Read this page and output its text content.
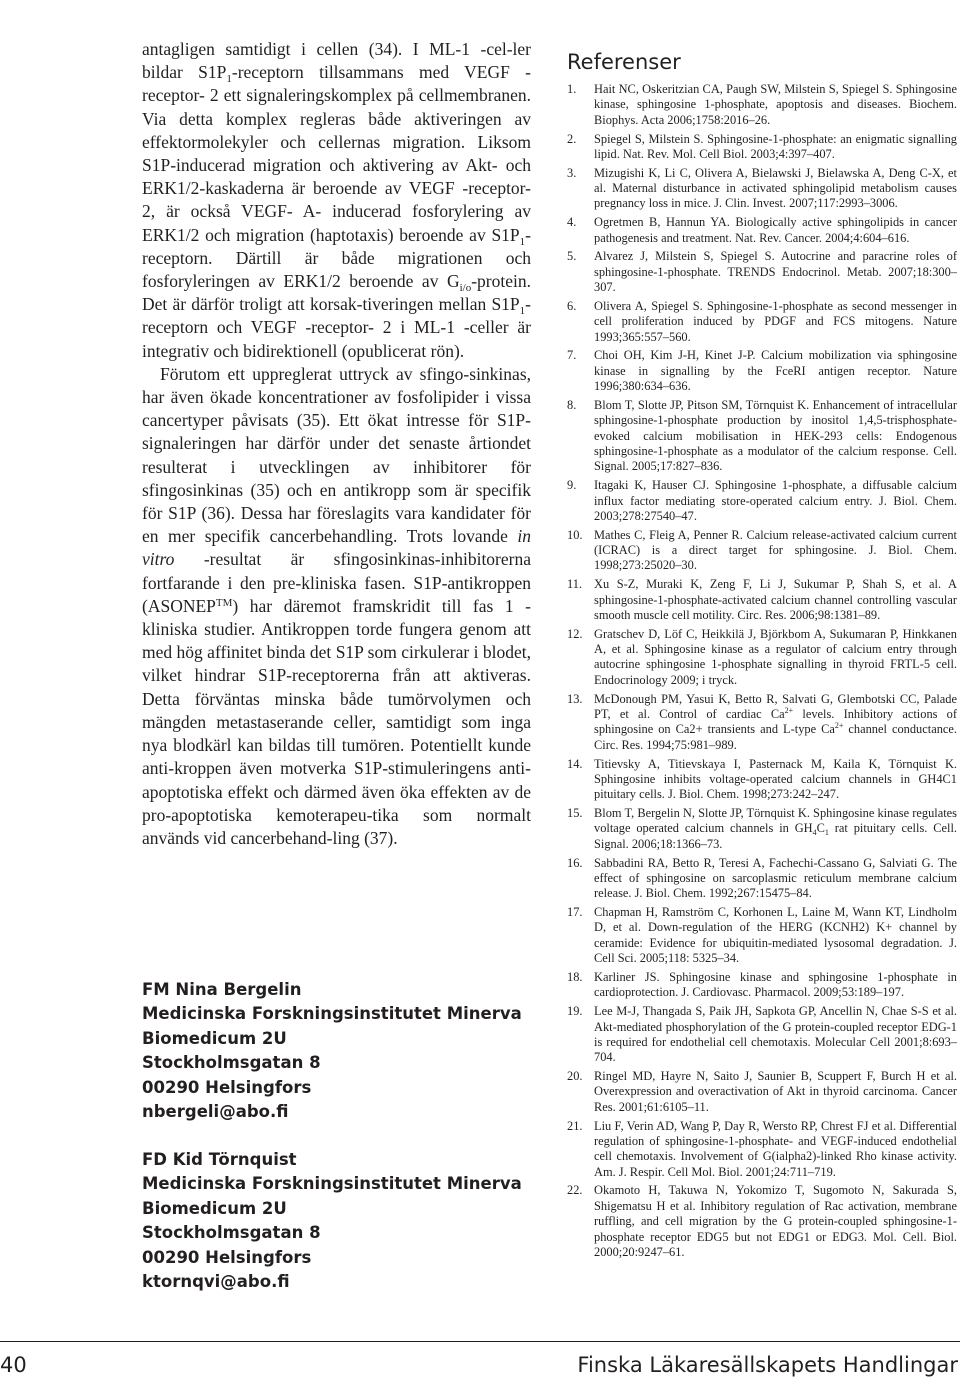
antagligen samtidigt i cellen (34). I ML-1 -cel-ler bildar $S1P_1$-receptorn tillsammans med VEGF -receptor- 2 ett signaleringskomplex på cellmembranen. Via detta komplex regleras både aktiveringen av effektormolekyler och cellernas migration. Liksom S1P-inducerad migration och aktivering av Akt- och ERK1/2-kaskaderna är beroende av VEGF -receptor- 2, är också VEGF- A- inducerad fosforylering av ERK1/2 och migration (haptotaxis) beroende av $S1P_1$-receptorn. Därtill är både migrationen och fosforyleringen av ERK1/2 beroende av $G_{i/o}$-protein. Det är därför troligt att korsak-tiveringen mellan $S1P_1$-receptorn och VEGF -receptor- 2 i ML-1 -celler är integrativ och bidirektionell (opublicerat rön).

Förutom ett uppreglerat uttryck av sfingo-sinkinas, har även ökade koncentrationer av fosfolipider i vissa cancertyper påvisats (35). Ett ökat intresse för S1P-signaleringen har därför under det senaste årtiondet resulterat i utvecklingen av inhibitorer för sfingosinkinas (35) och en antikropp som är specifik för S1P (36). Dessa har föreslagits vara kandidater för en mer specifik cancerbehandling. Trots lovande in vitro -resultat är sfingosinkinas-inhibitorerna fortfarande i den pre-kliniska fasen. S1P-antikroppen (ASONEP™) har däremot framskridit till fas 1 -kliniska studier. Antikroppen torde fungera genom att med hög affinitet binda det S1P som cirkulerar i blodet, vilket hindrar S1P-receptorerna från att aktiveras. Detta förväntas minska både tumörvolymen och mängden metastaserande celler, samtidigt som inga nya blodkärl kan bildas till tumören. Potentiellt kunde anti-kroppen även motverka S1P-stimuleringens anti-apoptotiska effekt och därmed även öka effekten av de pro-apoptotiska kemoterapeu-tika som normalt används vid cancerbehand-ling (37).

FM Nina Bergelin
Medicinska Forskningsinstitutet Minerva
Biomedicum 2U
Stockholmsgatan 8
00290 Helsingfors
nbergeli@abo.fi
FD Kid Törnquist
Medicinska Forskningsinstitutet Minerva
Biomedicum 2U
Stockholmsgatan 8
00290 Helsingfors
ktornqvi@abo.fi
Referenser
1. Hait NC, Oskeritzian CA, Paugh SW, Milstein S, Spiegel S. Sphingosine kinase, sphingosine 1-phosphate, apoptosis and diseases. Biochem. Biophys. Acta 2006;1758:2016–26.
2. Spiegel S, Milstein S. Sphingosine-1-phosphate: an enigmatic signalling lipid. Nat. Rev. Mol. Cell Biol. 2003;4:397–407.
3. Mizugishi K, Li C, Olivera A, Bielawski J, Bielawska A, Deng C-X, et al. Maternal disturbance in activated sphingolipid metabolism causes pregnancy loss in mice. J. Clin. Invest. 2007;117:2993–3006.
4. Ogretmen B, Hannun YA. Biologically active sphingolipids in cancer pathogenesis and treatment. Nat. Rev. Cancer. 2004;4:604–616.
5. Alvarez J, Milstein S, Spiegel S. Autocrine and paracrine roles of sphingosine-1-phosphate. TRENDS Endocrinol. Metab. 2007;18:300–307.
6. Olivera A, Spiegel S. Sphingosine-1-phosphate as second messenger in cell proliferation induced by PDGF and FCS mitogens. Nature 1993;365:557–560.
7. Choi OH, Kim J-H, Kinet J-P. Calcium mobilization via sphingosine kinase in signalling by the FceRI antigen receptor. Nature 1996;380:634–636.
8. Blom T, Slotte JP, Pitson SM, Törnquist K. Enhancement of intracellular sphingosine-1-phosphate production by inositol 1,4,5-trisphosphate-evoked calcium mobilisation in HEK-293 cells: Endogenous sphingosine-1-phosphate as a modulator of the calcium response. Cell. Signal. 2005;17:827–836.
9. Itagaki K, Hauser CJ. Sphingosine 1-phosphate, a diffusable calcium influx factor mediating store-operated calcium entry. J. Biol. Chem. 2003;278:27540–47.
10. Mathes C, Fleig A, Penner R. Calcium release-activated calcium current (ICRAC) is a direct target for sphingosine. J. Biol. Chem. 1998;273:25020–30.
11. Xu S-Z, Muraki K, Zeng F, Li J, Sukumar P, Shah S, et al. A sphingosine-1-phosphate-activated calcium channel controlling vascular smooth muscle cell motility. Circ. Res. 2006;98:1381–89.
12. Gratschev D, Löf C, Heikkilä J, Björkbom A, Sukumaran P, Hinkkanen A, et al. Sphingosine kinase as a regulator of calcium entry through autocrine sphingosine 1-phosphate signalling in thyroid FRTL-5 cell. Endocrinology 2009; i tryck.
13. McDonough PM, Yasui K, Betto R, Salvati G, Glembotski CC, Palade PT, et al. Control of cardiac $Ca^{2+}$ levels. Inhibitory actions of sphingosine on Ca2+ transients and L-type $Ca^{2+}$ channel conductance. Circ. Res. 1994;75:981–989.
14. Titievsky A, Titievskaya I, Pasternack M, Kaila K, Törnquist K. Sphingosine inhibits voltage-operated calcium channels in GH4C1 pituitary cells. J. Biol. Chem. 1998;273:242–247.
15. Blom T, Bergelin N, Slotte JP, Törnquist K. Sphingosine kinase regulates voltage operated calcium channels in $GH_4C_1$ rat pituitary cells. Cell. Signal. 2006;18:1366–73.
16. Sabbadini RA, Betto R, Teresi A, Fachechi-Cassano G, Salviati G. The effect of sphingosine on sarcoplasmic reticulum membrane calcium release. J. Biol. Chem. 1992;267:15475–84.
17. Chapman H, Ramström C, Korhonen L, Laine M, Wann KT, Lindholm D, et al. Down-regulation of the HERG (KCNH2) K+ channel by ceramide: Evidence for ubiquitin-mediated lysosomal degradation. J. Cell Sci. 2005;118: 5325–34.
18. Karliner JS. Sphingosine kinase and sphingosine 1-phosphate in cardioprotection. J. Cardiovasc. Pharmacol. 2009;53:189–197.
19. Lee M-J, Thangada S, Paik JH, Sapkota GP, Ancellin N, Chae S-S et al. Akt-mediated phosphorylation of the G protein-coupled receptor EDG-1 is required for endothelial cell chemotaxis. Molecular Cell 2001;8:693–704.
20. Ringel MD, Hayre N, Saito J, Saunier B, Scuppert F, Burch H et al. Overexpression and overactivation of Akt in thyroid carcinoma. Cancer Res. 2001;61:6105–11.
21. Liu F, Verin AD, Wang P, Day R, Wersto RP, Chrest FJ et al. Differential regulation of sphingosine-1-phosphate- and VEGF-induced endothelial cell chemotaxis. Involvement of G(ialpha2)-linked Rho kinase activity. Am. J. Respir. Cell Mol. Biol. 2001;24:711–719.
22. Okamoto H, Takuwa N, Yokomizo T, Sugomoto N, Sakurada S, Shigematsu H et al. Inhibitory regulation of Rac activation, membrane ruffling, and cell migration by the G protein-coupled sphingosine-1-phosphate receptor EDG5 but not EDG1 or EDG3. Mol. Cell. Biol. 2000;20:9247–61.
40	Finska Läkaresällskapets Handlingar
